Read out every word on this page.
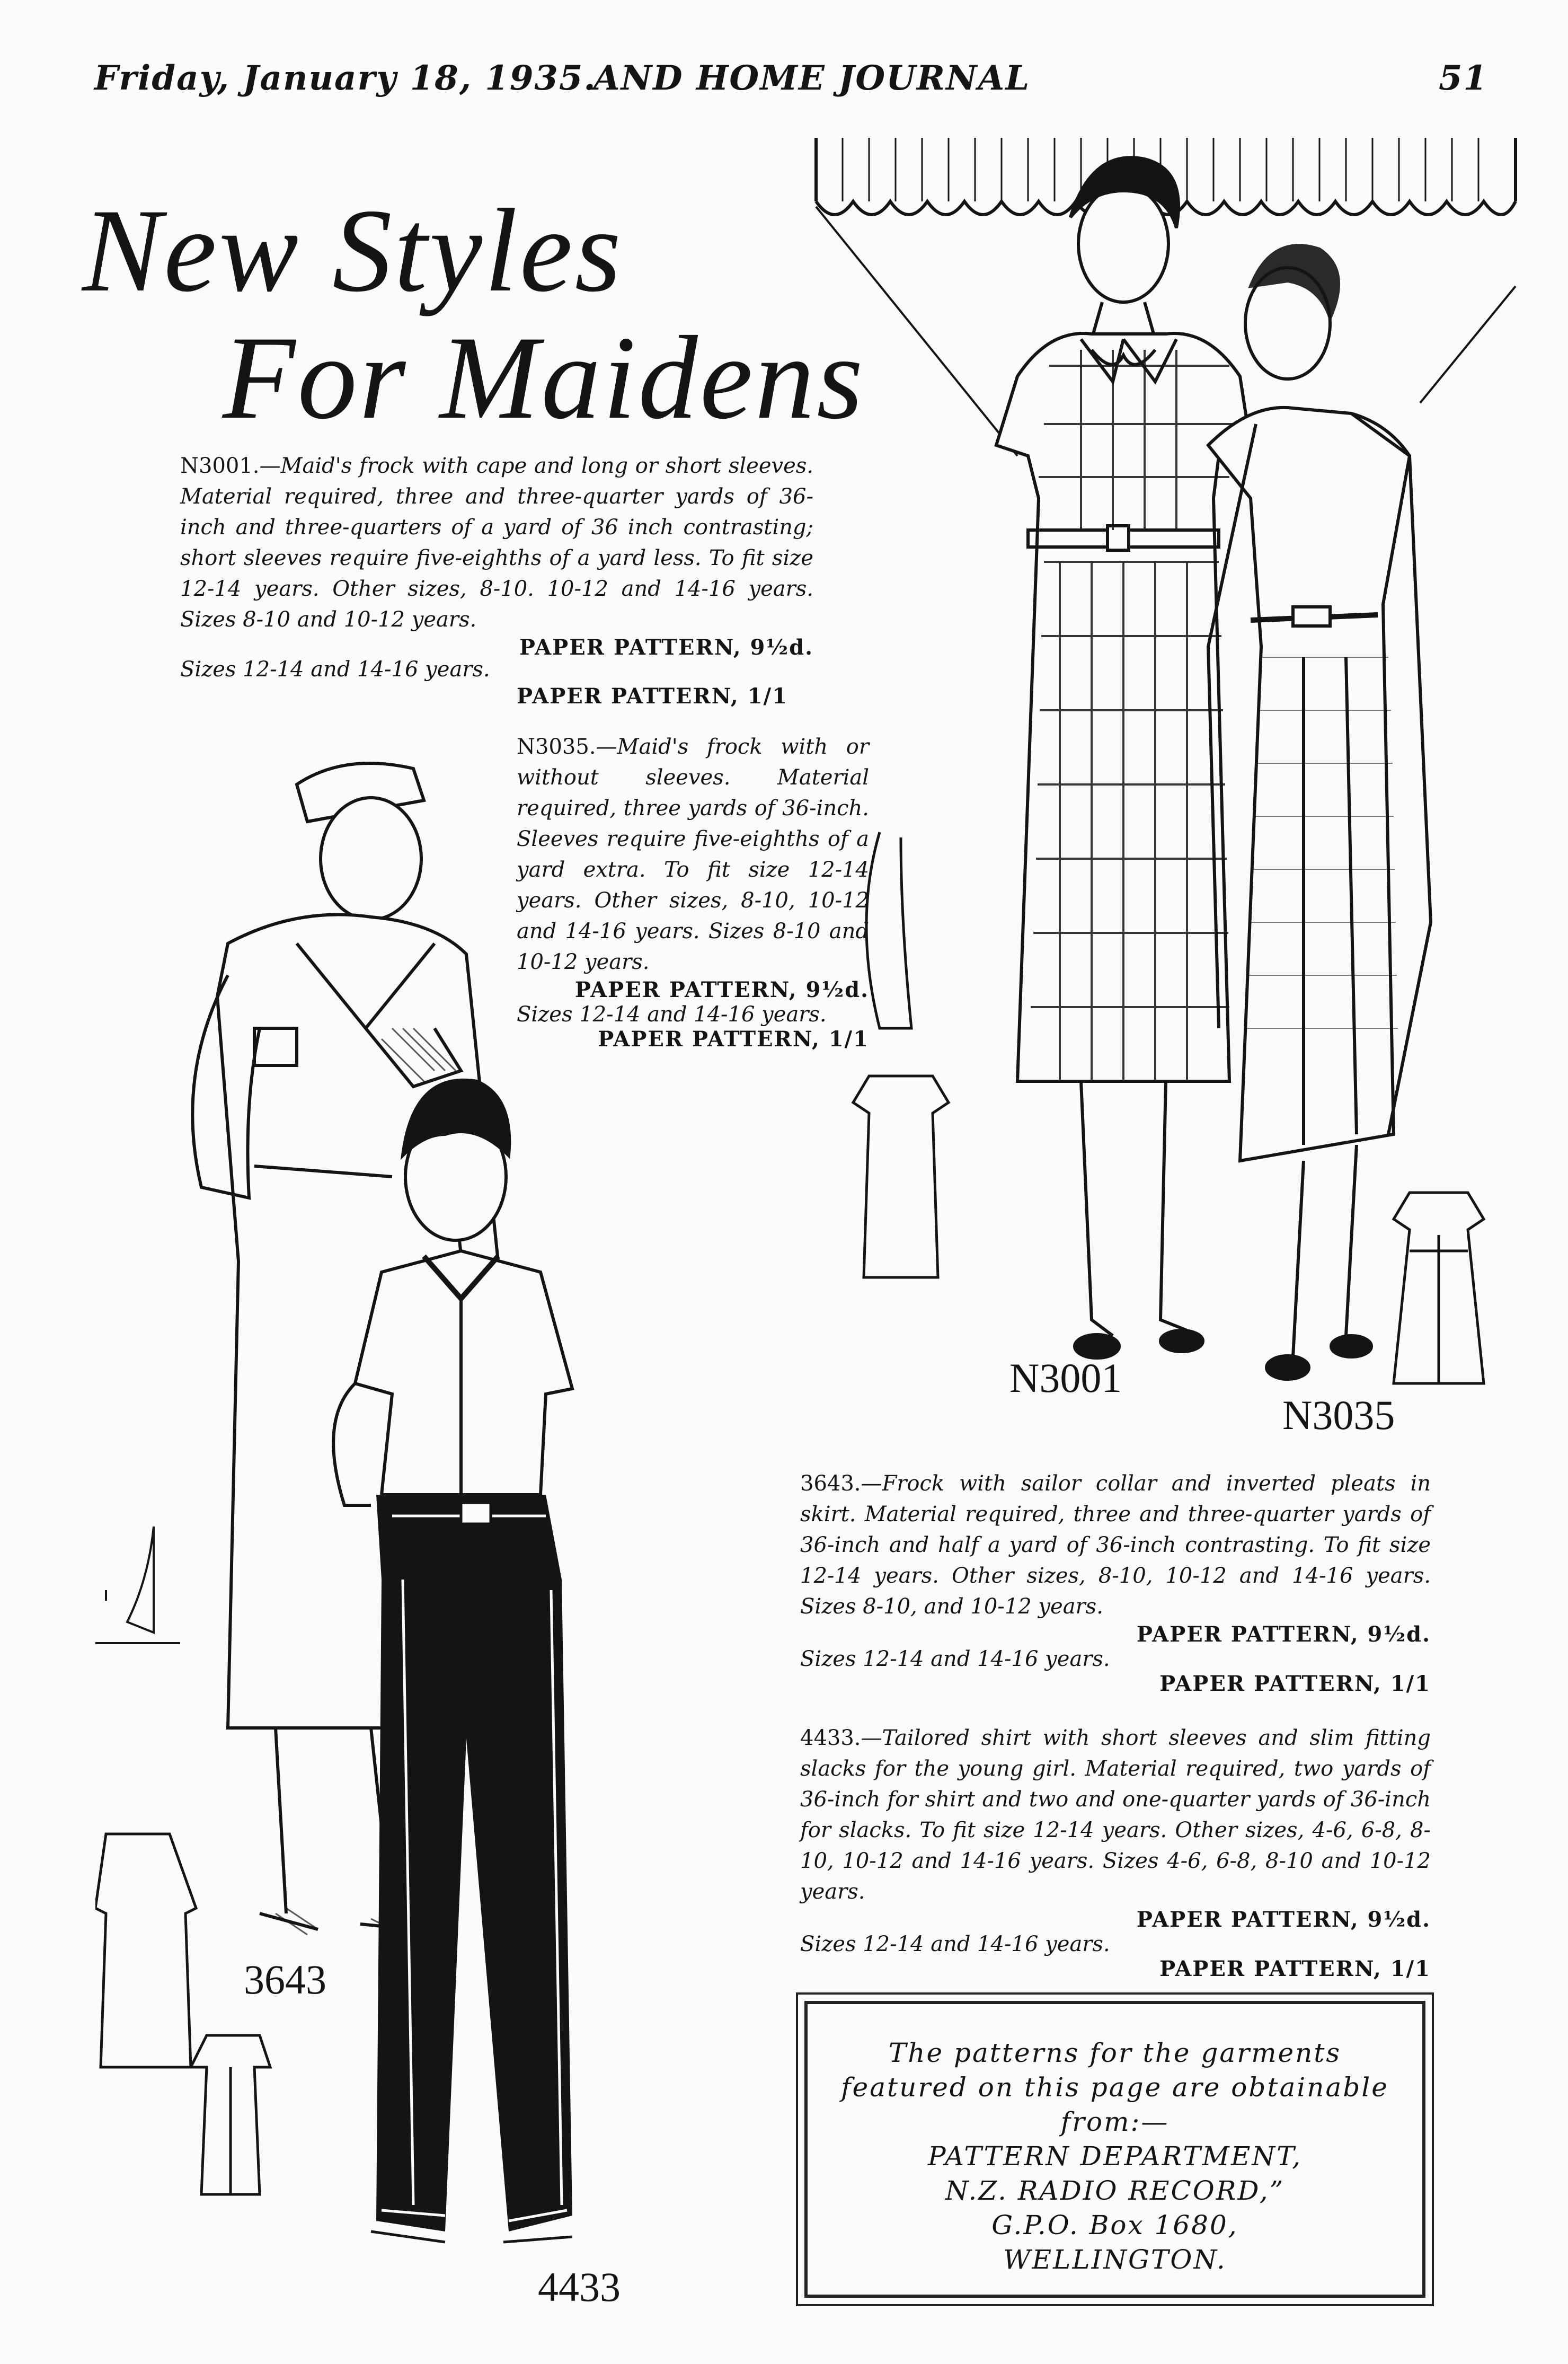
Friday, January 18, 1935.
AND HOME JOURNAL	51
New Styles
For Maidens
N3001.—Maid's frock with cape and long or short sleeves. Material required, three and three-quarter yards of 36-inch and three-quarters of a yard of 36 inch contrasting; short sleeves require five-eighths of a yard less. To fit size 12-14 years. Other sizes, 8-10. 10-12 and 14-16 years. Sizes 8-10 and 10-12 years.
PAPER PATTERN, 9½d.
Sizes 12-14 and 14-16 years.
PAPER PATTERN, 1/1
N3035.—Maid's frock with or without sleeves. Material required, three yards of 36-inch. Sleeves require five-eighths of a yard extra. To fit size 12-14 years. Other sizes, 8-10, 10-12 and 14-16 years. Sizes 8-10 and 10-12 years.
PAPER PATTERN, 9½d.
Sizes 12-14 and 14-16 years.
PAPER PATTERN, 1/1
3643.—Frock with sailor collar and inverted pleats in skirt. Material required, three and three-quarter yards of 36-inch and half a yard of 36-inch contrasting. To fit size 12-14 years. Other sizes, 8-10, 10-12 and 14-16 years. Sizes 8-10, and 10-12 years.
PAPER PATTERN, 9½d.
Sizes 12-14 and 14-16 years.
PAPER PATTERN, 1/1
4433.—Tailored shirt with short sleeves and slim fitting slacks for the young girl. Material required, two yards of 36-inch for shirt and two and one-quarter yards of 36-inch for slacks. To fit size 12-14 years. Other sizes, 4-6, 6-8, 8-10, 10-12 and 14-16 years. Sizes 4-6, 6-8, 8-10 and 10-12 years.
PAPER PATTERN, 9½d.
Sizes 12-14 and 14-16 years.
PAPER PATTERN, 1/1

The patterns for the garments

featured on this page are obtainable

from:—

PATTERN DEPARTMENT,

N.Z. RADIO RECORD,”

G.P.O. Box 1680,

WELLINGTON.

N3001
N3035
3643
4433
